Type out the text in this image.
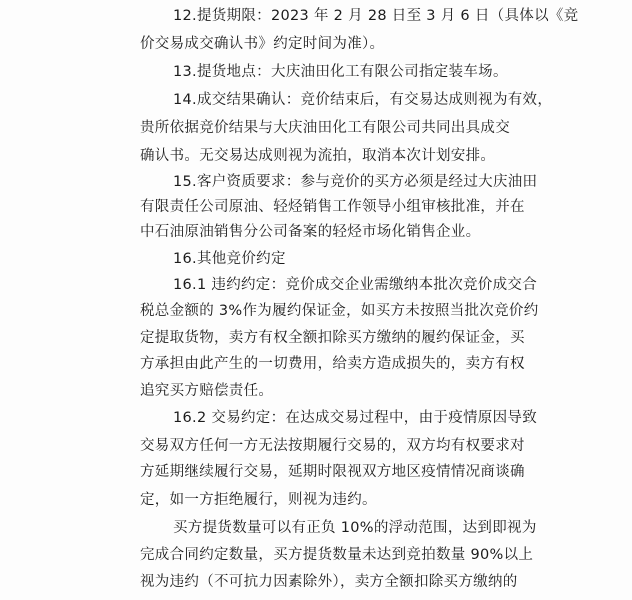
12.提货期限：2023 年 2 月 28 日至 3 月 6 日（具体以《竞
价交易成交确认书》约定时间为准）。
13.提货地点：大庆油田化工有限公司指定装车场。
14.成交结果确认：竞价结束后，有交易达成则视为有效，
贵所依据竞价结果与大庆油田化工有限公司共同出具成交
确认书。无交易达成则视为流拍，取消本次计划安排。
15.客户资质要求：参与竞价的买方必须是经过大庆油田
有限责任公司原油、轻烃销售工作领导小组审核批准，并在
中石油原油销售分公司备案的轻烃市场化销售企业。
16.其他竞价约定
16.1 违约约定：竞价成交企业需缴纳本批次竞价成交合
税总金额的 3%作为履约保证金，如买方未按照当批次竞价约
定提取货物，卖方有权全额扣除买方缴纳的履约保证金，买
方承担由此产生的一切费用，给卖方造成损失的，卖方有权
追究买方赔偿责任。
16.2 交易约定：在达成交易过程中，由于疫情原因导致
交易双方任何一方无法按期履行交易的，双方均有权要求对
方延期继续履行交易，延期时限视双方地区疫情情况商谈确
定，如一方拒绝履行，则视为违约。
买方提货数量可以有正负 10%的浮动范围，达到即视为
完成合同约定数量，买方提货数量未达到竞拍数量 90%以上
视为违约（不可抗力因素除外），卖方全额扣除买方缴纳的
